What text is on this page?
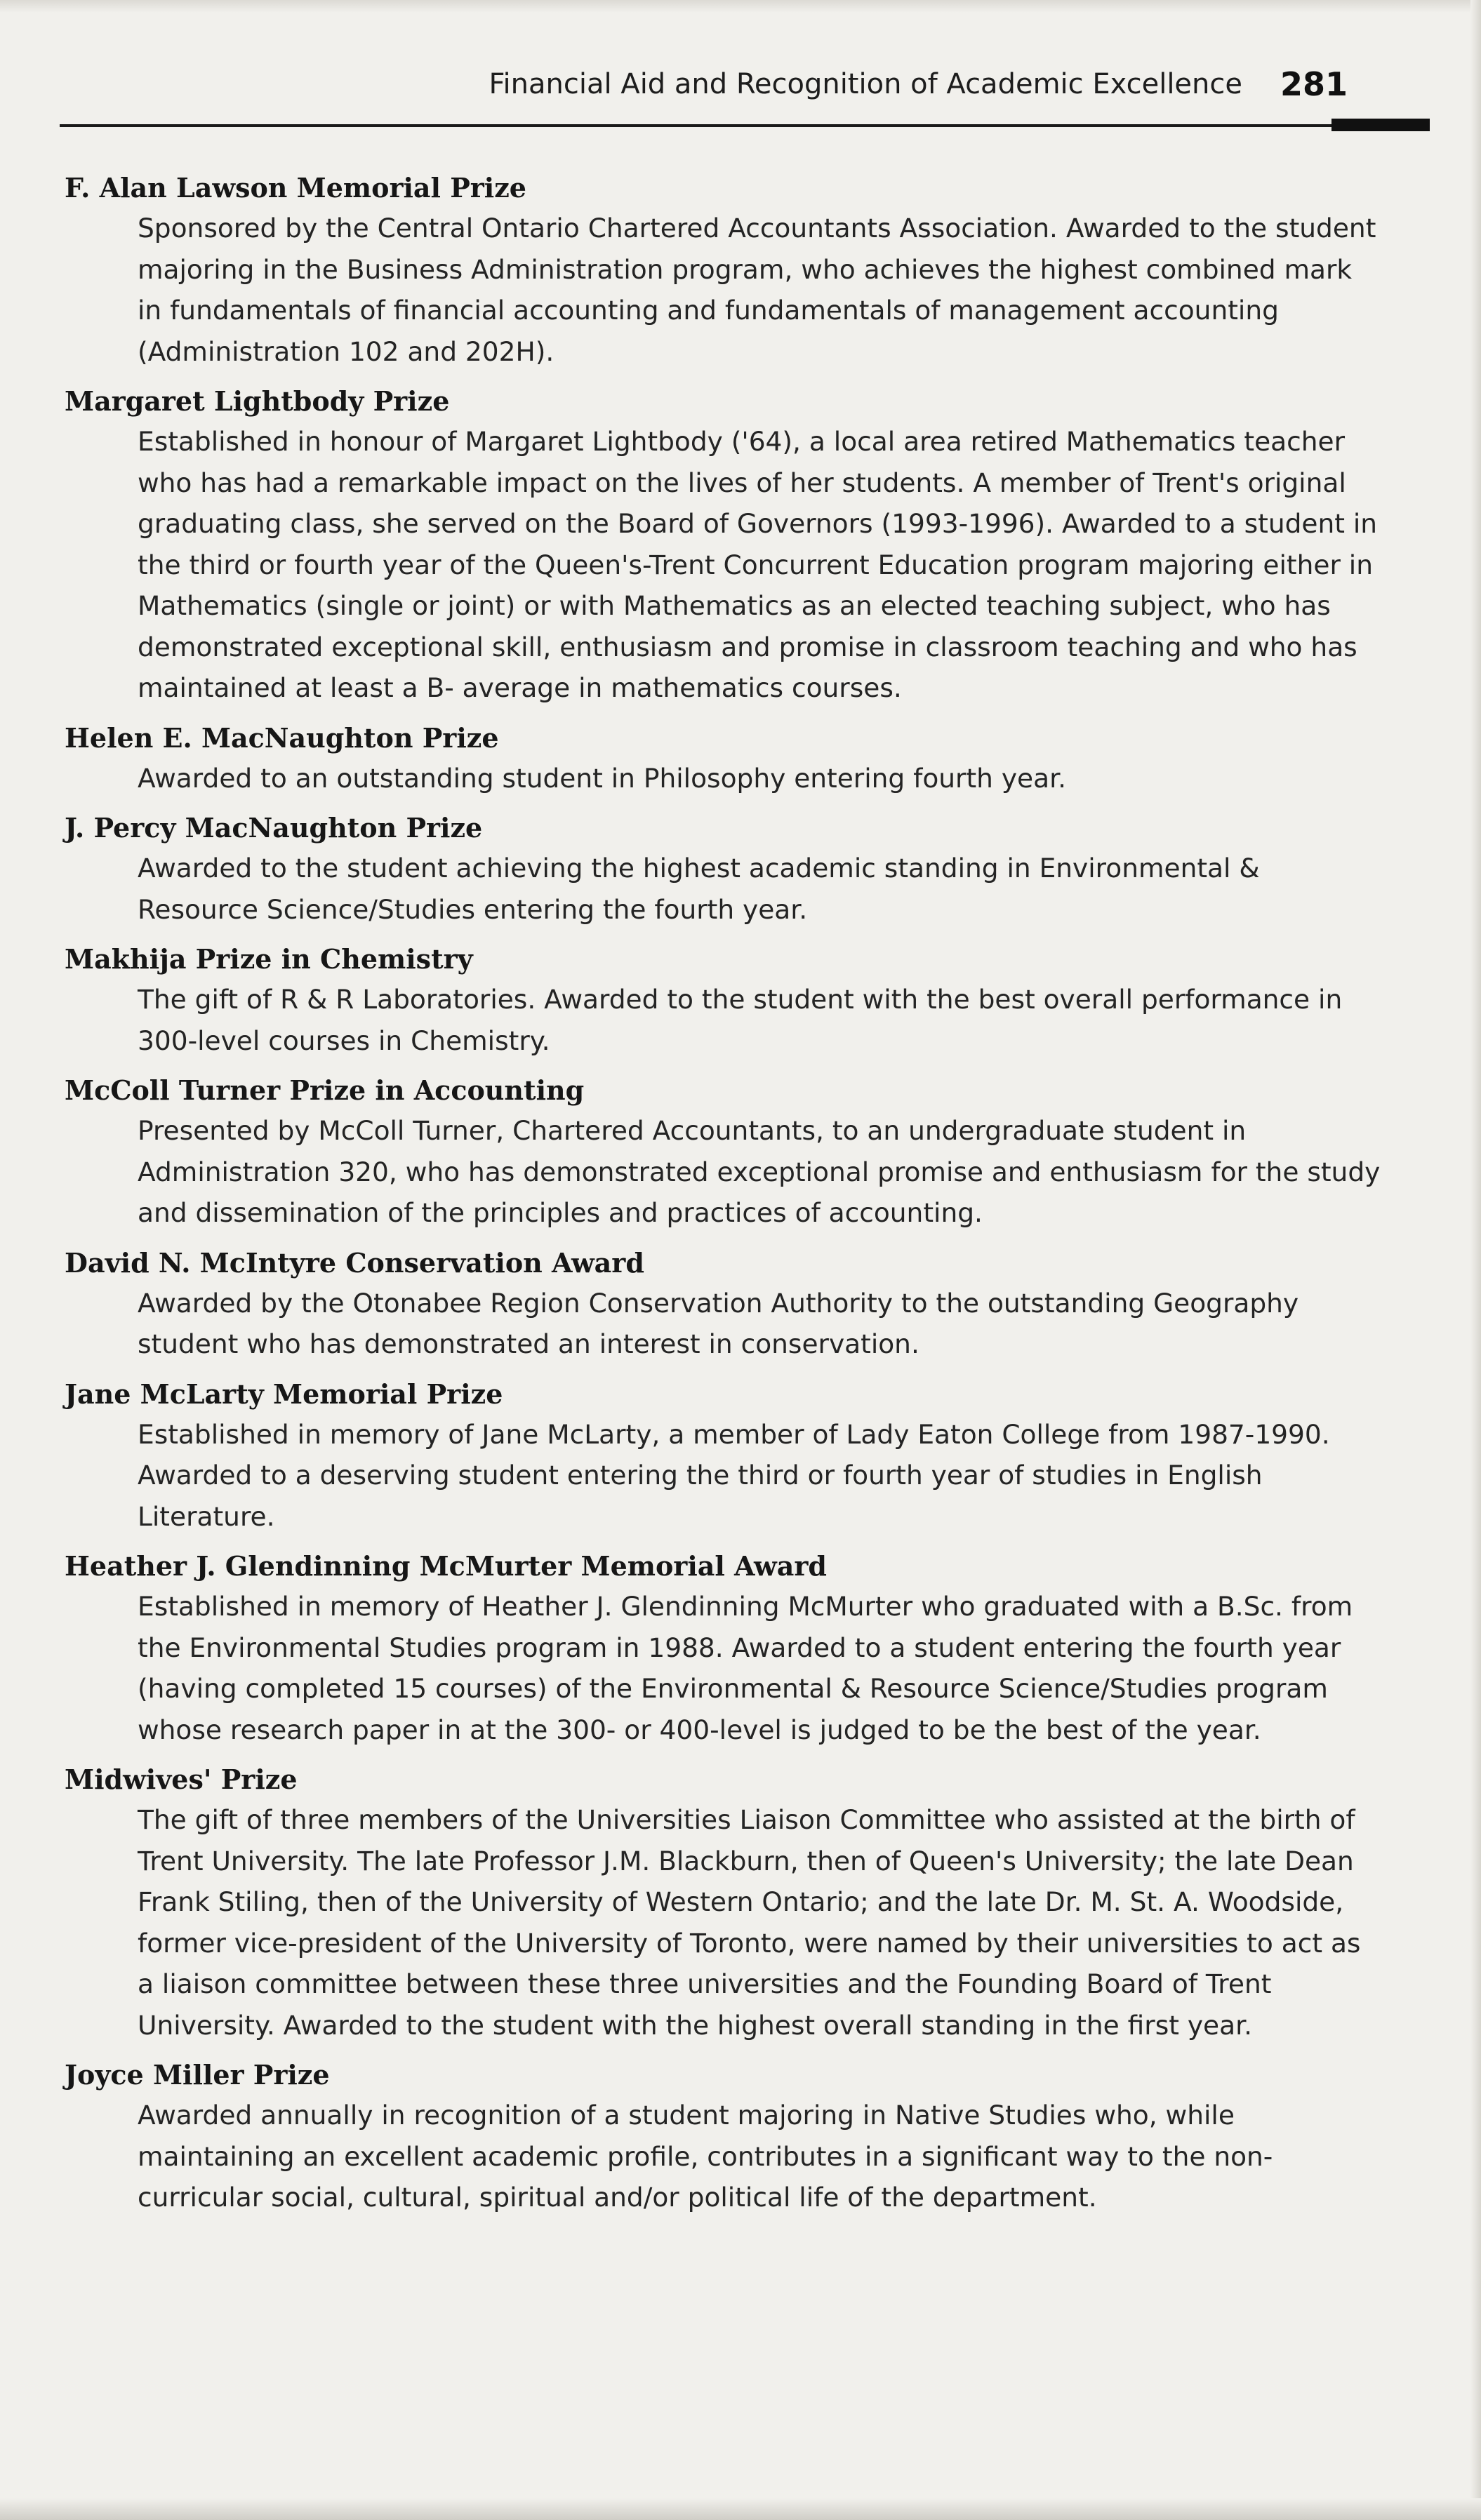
Financial Aid and Recognition of Academic Excellence 281

F. Alan Lawson Memorial Prize

Sponsored by the Central Ontario Chartered Accountants Association. Awarded to the student majoring in the Business Administration program, who achieves the highest combined mark in fundamentals of financial accounting and fundamentals of management accounting (Administration 102 and 202H).

Margaret Lightbody Prize

Established in honour of Margaret Lightbody ('64), a local area retired Mathematics teacher who has had a remarkable impact on the lives of her students. A member of Trent's original graduating class, she served on the Board of Governors (1993-1996). Awarded to a student in the third or fourth year of the Queen's-Trent Concurrent Education program majoring either in Mathematics (single or joint) or with Mathematics as an elected teaching subject, who has demonstrated exceptional skill, enthusiasm and promise in classroom teaching and who has maintained at least a B- average in mathematics courses.

Helen E. MacNaughton Prize

Awarded to an outstanding student in Philosophy entering fourth year.

J. Percy MacNaughton Prize

Awarded to the student achieving the highest academic standing in Environmental & Resource Science/Studies entering the fourth year.

Makhija Prize in Chemistry

The gift of R & R Laboratories. Awarded to the student with the best overall performance in 300-level courses in Chemistry.

McColl Turner Prize in Accounting

Presented by McColl Turner, Chartered Accountants, to an undergraduate student in Administration 320, who has demonstrated exceptional promise and enthusiasm for the study and dissemination of the principles and practices of accounting.

David N. McIntyre Conservation Award

Awarded by the Otonabee Region Conservation Authority to the outstanding Geography student who has demonstrated an interest in conservation.

Jane McLarty Memorial Prize

Established in memory of Jane McLarty, a member of Lady Eaton College from 1987-1990. Awarded to a deserving student entering the third or fourth year of studies in English Literature.

Heather J. Glendinning McMurter Memorial Award

Established in memory of Heather J. Glendinning McMurter who graduated with a B.Sc. from the Environmental Studies program in 1988. Awarded to a student entering the fourth year (having completed 15 courses) of the Environmental & Resource Science/Studies program whose research paper in at the 300- or 400-level is judged to be the best of the year.

Midwives' Prize

The gift of three members of the Universities Liaison Committee who assisted at the birth of Trent University. The late Professor J.M. Blackburn, then of Queen's University; the late Dean Frank Stiling, then of the University of Western Ontario; and the late Dr. M. St. A. Woodside, former vice-president of the University of Toronto, were named by their universities to act as a liaison committee between these three universities and the Founding Board of Trent University. Awarded to the student with the highest overall standing in the first year.

Joyce Miller Prize

Awarded annually in recognition of a student majoring in Native Studies who, while maintaining an excellent academic profile, contributes in a significant way to the non-curricular social, cultural, spiritual and/or political life of the department.
